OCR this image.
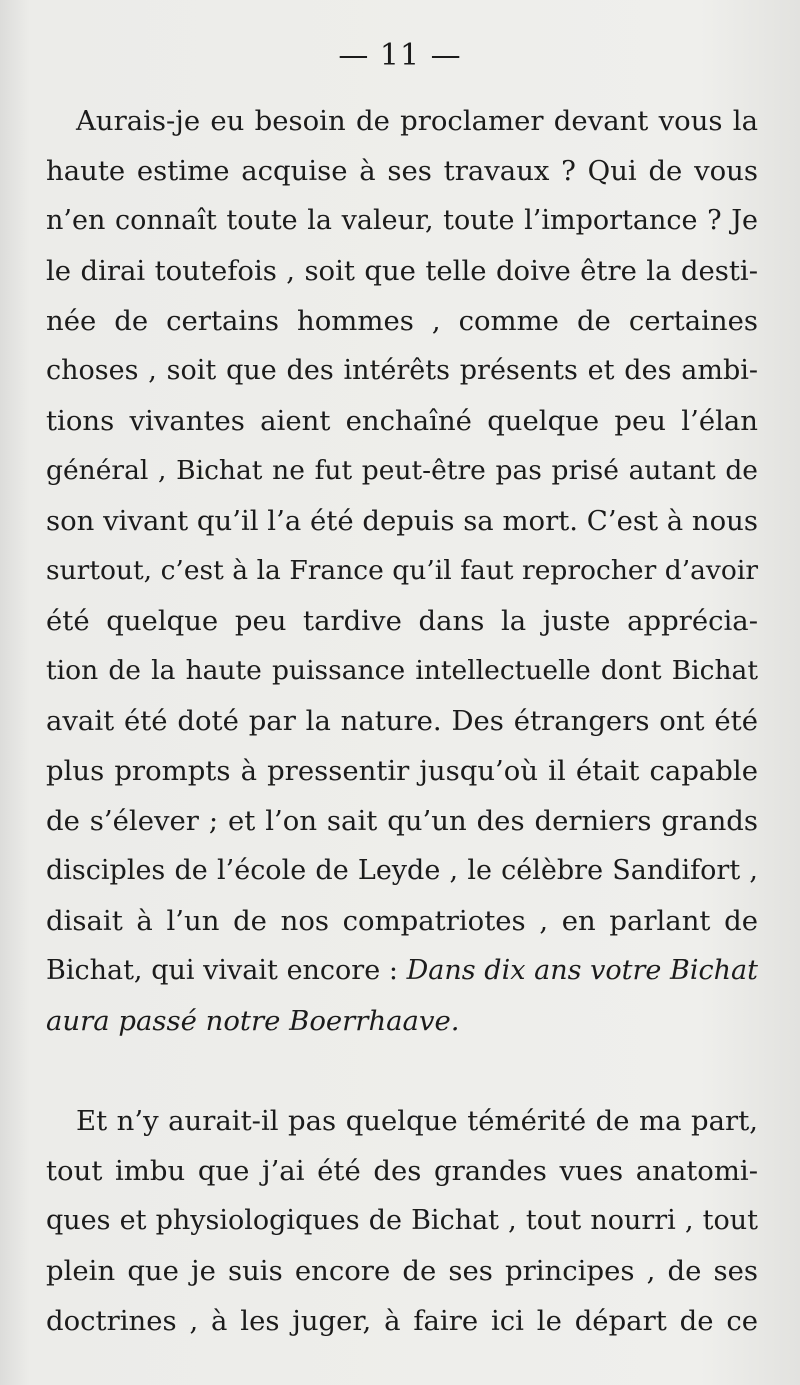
— 11 —
Aurais-je eu besoin de proclamer devant vous la
haute estime acquise à ses travaux ? Qui de vous
n’en connaît toute la valeur, toute l’importance ? Je
le dirai toutefois , soit que telle doive être la desti-
née de certains hommes , comme de certaines
choses , soit que des intérêts présents et des ambi-
tions vivantes aient enchaîné quelque peu l’élan
général , Bichat ne fut peut-être pas prisé autant de
son vivant qu’il l’a été depuis sa mort. C’est à nous
surtout, c’est à la France qu’il faut reprocher d’avoir
été quelque peu tardive dans la juste apprécia-
tion de la haute puissance intellectuelle dont Bichat
avait été doté par la nature. Des étrangers ont été
plus prompts à pressentir jusqu’où il était capable
de s’élever ; et l’on sait qu’un des derniers grands
disciples de l’école de Leyde , le célèbre Sandifort ,
disait à l’un de nos compatriotes , en parlant de
Bichat, qui vivait encore : Dans dix ans votre Bichat
aura passé notre Boerrhaave.
Et n’y aurait-il pas quelque témérité de ma part,
tout imbu que j’ai été des grandes vues anatomi-
ques et physiologiques de Bichat , tout nourri , tout
plein que je suis encore de ses principes , de ses
doctrines , à les juger, à faire ici le départ de ce
